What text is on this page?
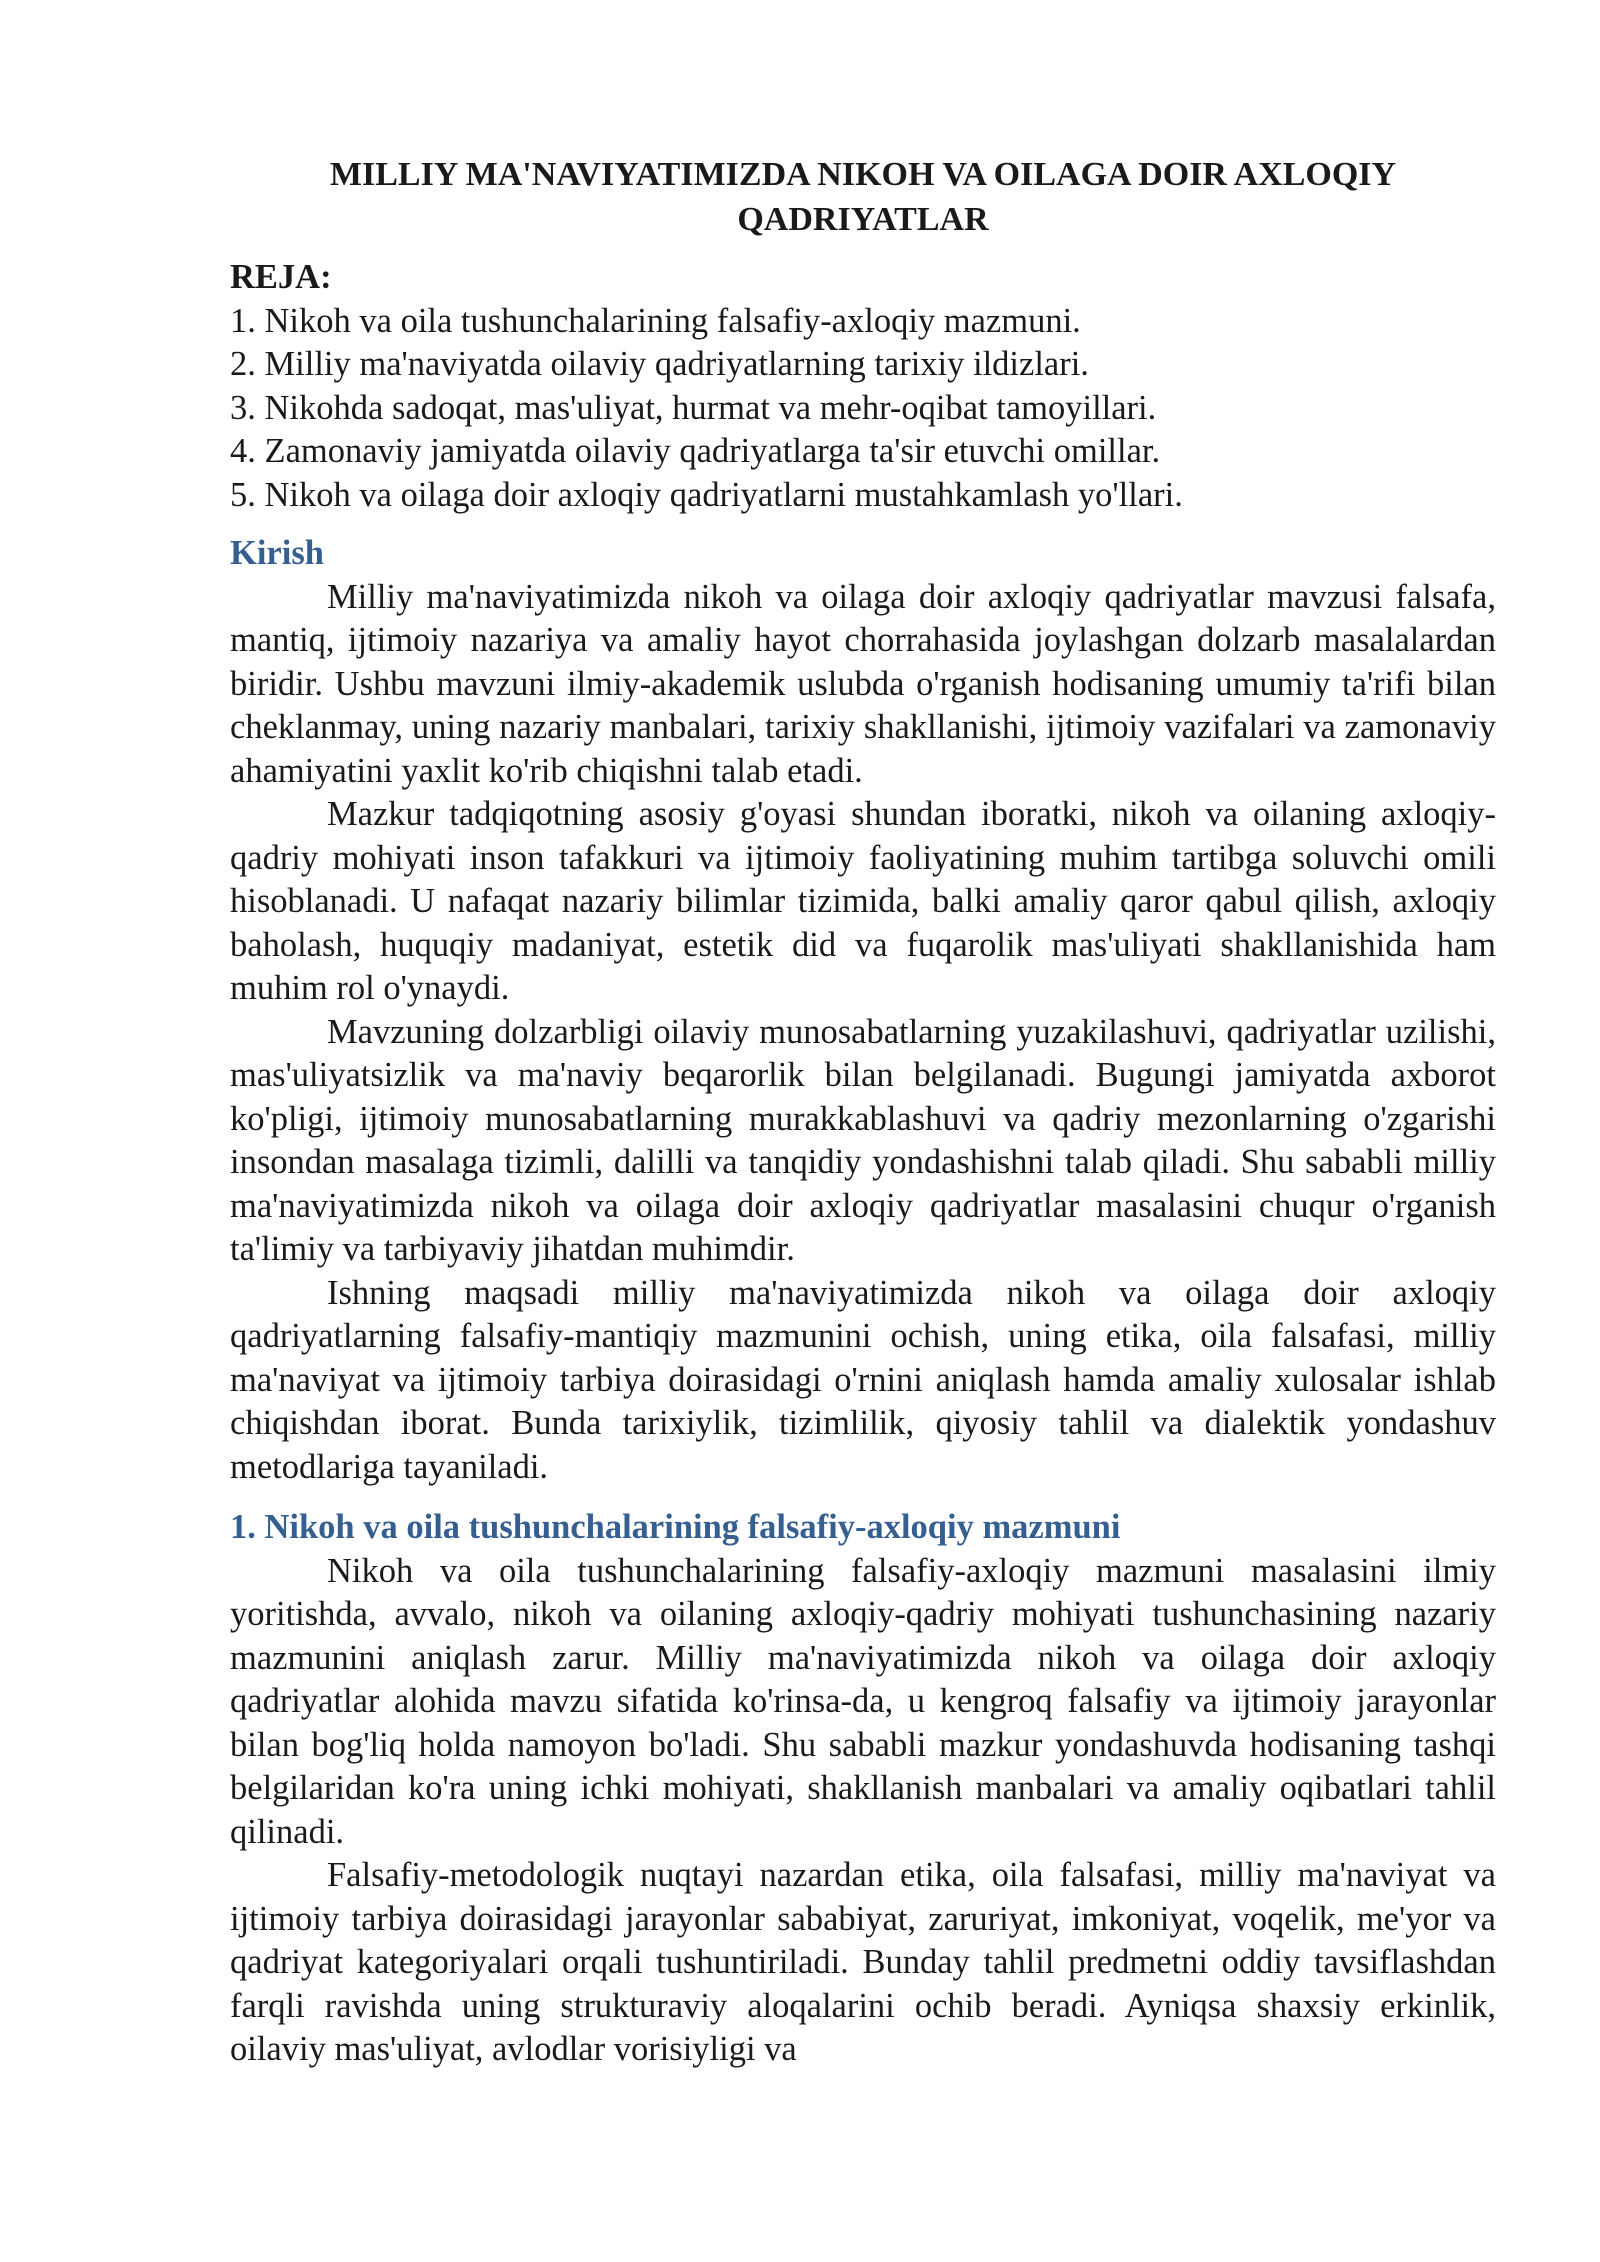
MILLIY MA'NAVIYATIMIZDA NIKOH VA OILAGA DOIR AXLOQIY QADRIYATLAR
REJA:
1. Nikoh va oila tushunchalarining falsafiy-axloqiy mazmuni.
2. Milliy ma'naviyatda oilaviy qadriyatlarning tarixiy ildizlari.
3. Nikohda sadoqat, mas'uliyat, hurmat va mehr-oqibat tamoyillari.
4. Zamonaviy jamiyatda oilaviy qadriyatlarga ta'sir etuvchi omillar.
5. Nikoh va oilaga doir axloqiy qadriyatlarni mustahkamlash yo'llari.
Kirish

Milliy ma'naviyatimizda nikoh va oilaga doir axloqiy qadriyatlar mavzusi falsafa, mantiq, ijtimoiy nazariya va amaliy hayot chorrahasida joylashgan dolzarb masalalardan biridir. Ushbu mavzuni ilmiy-akademik uslubda o'rganish hodisaning umumiy ta'rifi bilan cheklanmay, uning nazariy manbalari, tarixiy shakllanishi, ijtimoiy vazifalari va zamonaviy ahamiyatini yaxlit ko'rib chiqishni talab etadi.

Mazkur tadqiqotning asosiy g'oyasi shundan iboratki, nikoh va oilaning axloqiy-qadriy mohiyati inson tafakkuri va ijtimoiy faoliyatining muhim tartibga soluvchi omili hisoblanadi. U nafaqat nazariy bilimlar tizimida, balki amaliy qaror qabul qilish, axloqiy baholash, huquqiy madaniyat, estetik did va fuqarolik mas'uliyati shakllanishida ham muhim rol o'ynaydi.

Mavzuning dolzarbligi oilaviy munosabatlarning yuzakilashuvi, qadriyatlar uzilishi, mas'uliyatsizlik va ma'naviy beqarorlik bilan belgilanadi. Bugungi jamiyatda axborot ko'pligi, ijtimoiy munosabatlarning murakkablashuvi va qadriy mezonlarning o'zgarishi insondan masalaga tizimli, dalilli va tanqidiy yondashishni talab qiladi. Shu sababli milliy ma'naviyatimizda nikoh va oilaga doir axloqiy qadriyatlar masalasini chuqur o'rganish ta'limiy va tarbiyaviy jihatdan muhimdir.

Ishning maqsadi milliy ma'naviyatimizda nikoh va oilaga doir axloqiy qadriyatlarning falsafiy-mantiqiy mazmunini ochish, uning etika, oila falsafasi, milliy ma'naviyat va ijtimoiy tarbiya doirasidagi o'rnini aniqlash hamda amaliy xulosalar ishlab chiqishdan iborat. Bunda tarixiylik, tizimlilik, qiyosiy tahlil va dialektik yondashuv metodlariga tayaniladi.

1. Nikoh va oila tushunchalarining falsafiy-axloqiy mazmuni

Nikoh va oila tushunchalarining falsafiy-axloqiy mazmuni masalasini ilmiy yoritishda, avvalo, nikoh va oilaning axloqiy-qadriy mohiyati tushunchasining nazariy mazmunini aniqlash zarur. Milliy ma'naviyatimizda nikoh va oilaga doir axloqiy qadriyatlar alohida mavzu sifatida ko'rinsa-da, u kengroq falsafiy va ijtimoiy jarayonlar bilan bog'liq holda namoyon bo'ladi. Shu sababli mazkur yondashuvda hodisaning tashqi belgilaridan ko'ra uning ichki mohiyati, shakllanish manbalari va amaliy oqibatlari tahlil qilinadi.

Falsafiy-metodologik nuqtayi nazardan etika, oila falsafasi, milliy ma'naviyat va ijtimoiy tarbiya doirasidagi jarayonlar sababiyat, zaruriyat, imkoniyat, voqelik, me'yor va qadriyat kategoriyalari orqali tushuntiriladi. Bunday tahlil predmetni oddiy tavsiflashdan farqli ravishda uning strukturaviy aloqalarini ochib beradi. Ayniqsa shaxsiy erkinlik, oilaviy mas'uliyat, avlodlar vorisiyligi va
